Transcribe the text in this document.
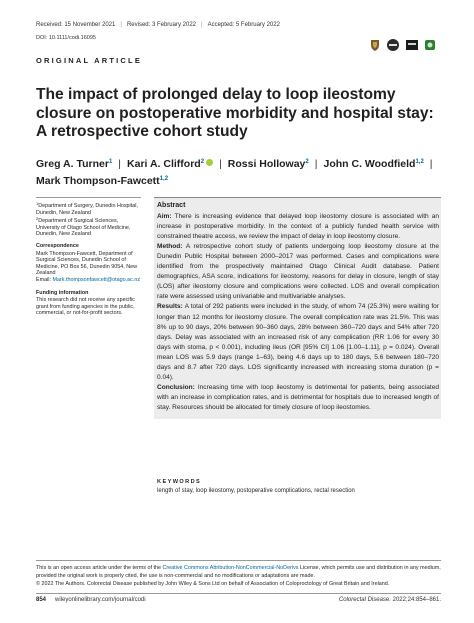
Received: 15 November 2021 | Revised: 3 February 2022 | Accepted: 5 February 2022
DOI: 10.1111/codi.16095
ORIGINAL ARTICLE
The impact of prolonged delay to loop ileostomy closure on postoperative morbidity and hospital stay: A retrospective cohort study
Greg A. Turner$^1$ | Kari A. Clifford$^2$ | Rossi Holloway$^2$ | John C. Woodfield$^{1,2}$ |
Mark Thompson-Fawcett$^{1,2}$

$^1$Department of Surgery, Dunedin Hospital, Dunedin, New Zealand

$^2$Department of Surgical Sciences, University of Otago School of Medicine, Dunedin, New Zealand

Correspondence
Mark Thompson-Fawcett, Department of Surgical Sciences, Dunedin School of Medicine, PO Box 56, Dunedin 9054, New Zealand
Email: Mark.thompsonfawcett@otago.ac.nz
Funding information
This research did not receive any specific grant from funding agencies in the public, commercial, or not-for-profit sectors.
Abstract

Aim: There is increasing evidence that delayed loop ileostomy closure is associated with an increase in postoperative morbidity. In the context of a publicly funded health service with constrained theatre access, we review the impact of delay in loop ileostomy closure.

Method: A retrospective cohort study of patients undergoing loop ileostomy closure at the Dunedin Public Hospital between 2000–2017 was performed. Cases and complications were identified from the prospectively maintained Otago Clinical Audit database. Patient demographics, ASA score, indications for ileostomy, reasons for delay in closure, length of stay (LOS) after ileostomy closure and complications were collected. LOS and overall complication rate were assessed using univariable and multivariable analyses.

Results: A total of 292 patients were included in the study, of whom 74 (25.3%) were waiting for longer than 12 months for ileostomy closure. The overall complication rate was 21.5%. This was 8% up to 90 days, 20% between 90–360 days, 28% between 360–720 days and 54% after 720 days. Delay was associated with an increased risk of any complication (RR 1.06 for every 30 days with stoma, p < 0.001), including ileus (OR [95% CI] 1.06 [1.00–1.11], p = 0.024). Overall mean LOS was 5.9 days (range 1–63), being 4.6 days up to 180 days, 5.6 between 180–720 days and 8.7 after 720 days. LOS significantly increased with increasing stoma duration (p = 0.04).

Conclusion: Increasing time with loop ileostomy is detrimental for patients, being associated with an increase in complication rates, and is detrimental for hospitals due to increased length of stay. Resources should be allocated for timely closure of loop ileostomies.

KEYWORDS
length of stay, loop ileostomy, postoperative complications, rectal resection
This is an open access article under the terms of the Creative Commons Attribution-NonCommercial-NoDerivs License, which permits use and distribution in any medium, provided the original work is properly cited, the use is non-commercial and no modifications or adaptations are made.
© 2022 The Authors. Colorectal Disease published by John Wiley & Sons Ltd on behalf of Association of Coloproctology of Great Britain and Ireland.
854 wileyonlinelibrary.com/journal/codi	Colorectal Disease. 2022;24:854–861.
